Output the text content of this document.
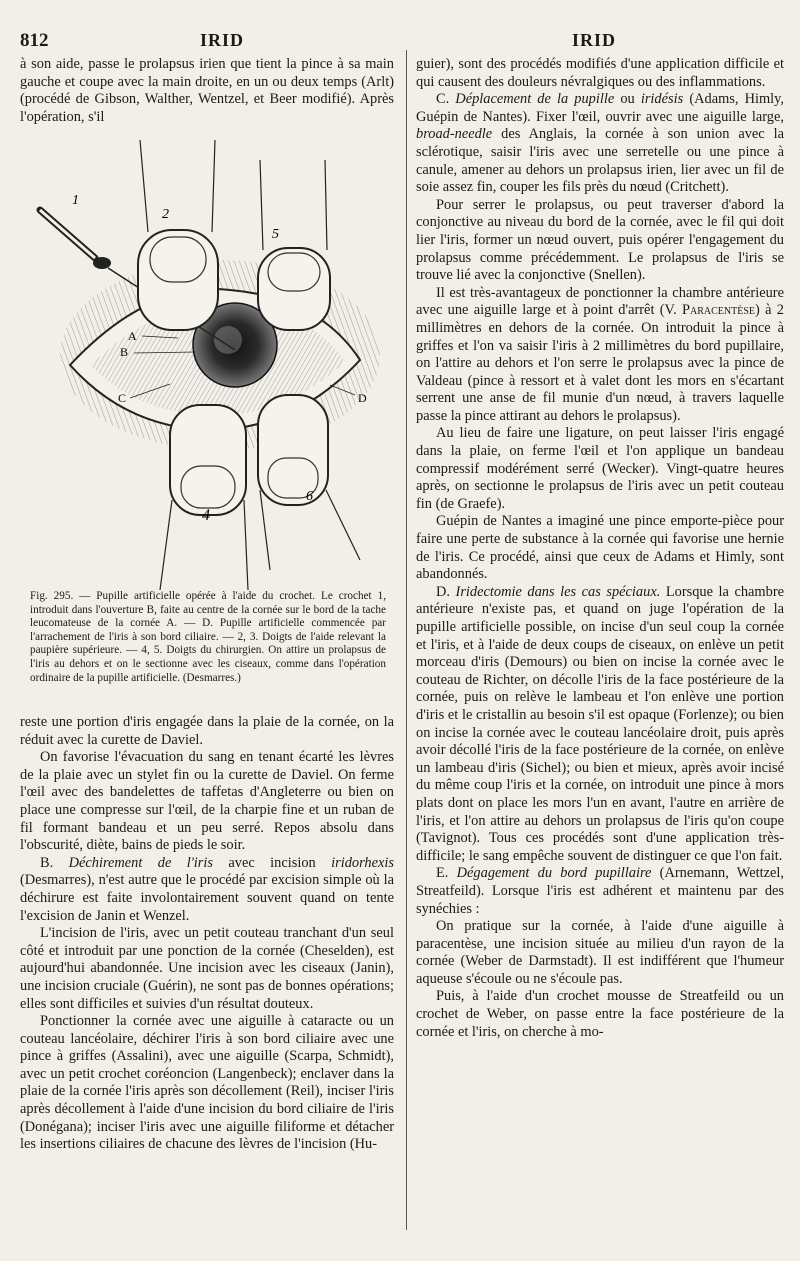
812	IRID	IRID

à son aide, passe le prolapsus irien que tient la pince à sa main gauche et coupe avec la main droite, en un ou deux temps (Arlt) (procédé de Gibson, Walther, Wentzel, et Beer modifié). Après l'opération, s'il

1
2
5
4
6
A
B
C	D

Fig. 295. — Pupille artificielle opérée à l'aide du crochet. Le crochet 1, introduit dans l'ouverture B, faite au centre de la cornée sur le bord de la tache leucomateuse de la cornée A. — D. Pupille artificielle commencée par l'arrachement de l'iris à son bord ciliaire. — 2, 3. Doigts de l'aide relevant la paupière supérieure. — 4, 5. Doigts du chirurgien. On attire un prolapsus de l'iris au dehors et on le sectionne avec les ciseaux, comme dans l'opération ordinaire de la pupille artificielle. (Desmarres.)

reste une portion d'iris engagée dans la plaie de la cornée, on la réduit avec la curette de Daviel.

On favorise l'évacuation du sang en tenant écarté les lèvres de la plaie avec un stylet fin ou la curette de Daviel. On ferme l'œil avec des bandelettes de taffetas d'Angleterre ou bien on place une compresse sur l'œil, de la charpie fine et un ruban de fil formant bandeau et un peu serré. Repos absolu dans l'obscurité, diète, bains de pieds le soir.

B. Déchirement de l'iris avec incision iridorhexis (Desmarres), n'est autre que le procédé par excision simple où la déchirure est faite involontairement souvent quand on tente l'excision de Janin et Wenzel.

L'incision de l'iris, avec un petit couteau tranchant d'un seul côté et introduit par une ponction de la cornée (Cheselden), est aujourd'hui abandonnée. Une incision avec les ciseaux (Janin), une incision cruciale (Guérin), ne sont pas de bonnes opérations; elles sont difficiles et suivies d'un résultat douteux.

Ponctionner la cornée avec une aiguille à cataracte ou un couteau lancéolaire, déchirer l'iris à son bord ciliaire avec une pince à griffes (Assalini), avec une aiguille (Scarpa, Schmidt), avec un petit crochet coréoncion (Langenbeck); enclaver dans la plaie de la cornée l'iris après son décollement (Reil), inciser l'iris après décollement à l'aide d'une incision du bord ciliaire de l'iris (Donégana); inciser l'iris avec une aiguille filiforme et détacher les insertions ciliaires de chacune des lèvres de l'incision (Hu-

guier), sont des procédés modifiés d'une application difficile et qui causent des douleurs névralgiques ou des inflammations.

C. Déplacement de la pupille ou iridésis (Adams, Himly, Guépin de Nantes). Fixer l'œil, ouvrir avec une aiguille large, broad-needle des Anglais, la cornée à son union avec la sclérotique, saisir l'iris avec une serretelle ou une pince à canule, amener au dehors un prolapsus irien, lier avec un fil de soie assez fin, couper les fils près du nœud (Critchett).

Pour serrer le prolapsus, ou peut traverser d'abord la conjonctive au niveau du bord de la cornée, avec le fil qui doit lier l'iris, former un nœud ouvert, puis opérer l'engagement du prolapsus comme précédemment. Le prolapsus de l'iris se trouve lié avec la conjonctive (Snellen).

Il est très-avantageux de ponctionner la chambre antérieure avec une aiguille large et à point d'arrêt (V. Paracentèse) à 2 millimètres en dehors de la cornée. On introduit la pince à griffes et l'on va saisir l'iris à 2 millimètres du bord pupillaire, on l'attire au dehors et l'on serre le prolapsus avec la pince de Valdeau (pince à ressort et à valet dont les mors en s'écartant serrent une anse de fil munie d'un nœud, à travers laquelle passe la pince attirant au dehors le prolapsus).

Au lieu de faire une ligature, on peut laisser l'iris engagé dans la plaie, on ferme l'œil et l'on applique un bandeau compressif modérément serré (Wecker). Vingt-quatre heures après, on sectionne le prolapsus de l'iris avec un petit couteau fin (de Graefe).

Guépin de Nantes a imaginé une pince emporte-pièce pour faire une perte de substance à la cornée qui favorise une hernie de l'iris. Ce procédé, ainsi que ceux de Adams et Himly, sont abandonnés.

D. Iridectomie dans les cas spéciaux. Lorsque la chambre antérieure n'existe pas, et quand on juge l'opération de la pupille artificielle possible, on incise d'un seul coup la cornée et l'iris, et à l'aide de deux coups de ciseaux, on enlève un petit morceau d'iris (Demours) ou bien on incise la cornée avec le couteau de Richter, on décolle l'iris de la face postérieure de la cornée, puis on relève le lambeau et l'on enlève une portion d'iris et le cristallin au besoin s'il est opaque (Forlenze); ou bien on incise la cornée avec le couteau lancéolaire droit, puis après avoir décollé l'iris de la face postérieure de la cornée, on enlève un lambeau d'iris (Sichel); ou bien et mieux, après avoir incisé du même coup l'iris et la cornée, on introduit une pince à mors plats dont on place les mors l'un en avant, l'autre en arrière de l'iris, et l'on attire au dehors un prolapsus de l'iris qu'on coupe (Tavignot). Tous ces procédés sont d'une application très-difficile; le sang empêche souvent de distinguer ce que l'on fait.

E. Dégagement du bord pupillaire (Arnemann, Wettzel, Streatfeild). Lorsque l'iris est adhérent et maintenu par des synéchies :

On pratique sur la cornée, à l'aide d'une aiguille à paracentèse, une incision située au milieu d'un rayon de la cornée (Weber de Darmstadt). Il est indifférent que l'humeur aqueuse s'écoule ou ne s'écoule pas.

Puis, à l'aide d'un crochet mousse de Streatfeild ou un crochet de Weber, on passe entre la face postérieure de la cornée et l'iris, on cherche à mo-
